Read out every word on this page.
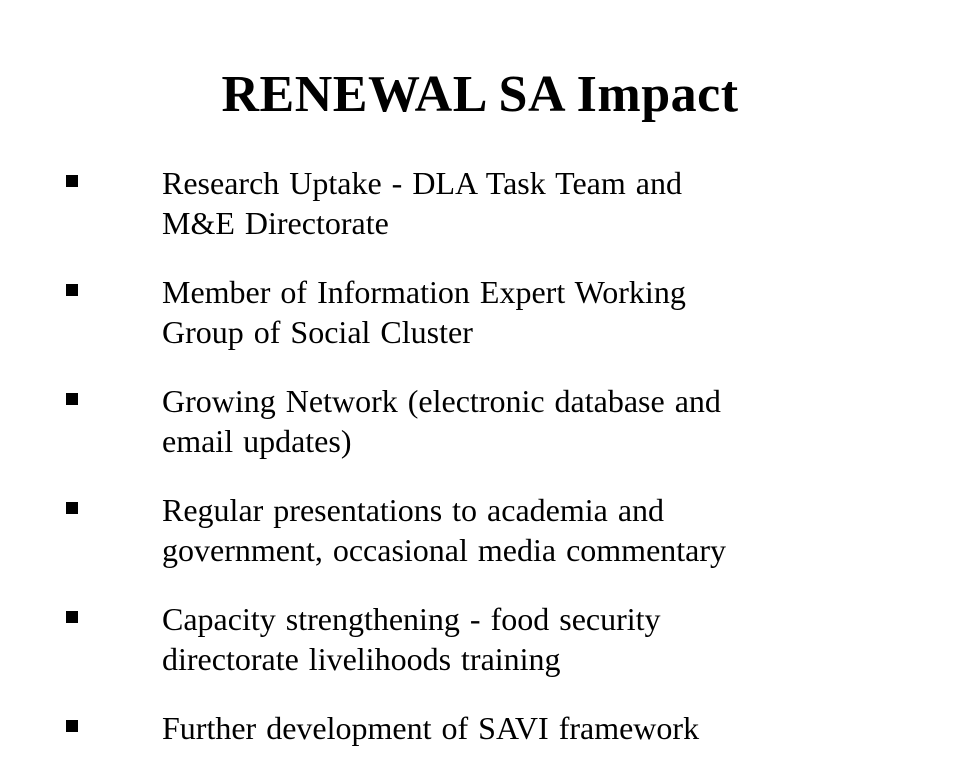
RENEWAL SA Impact
Research Uptake - DLA Task Team and
M&E Directorate
Member of Information Expert Working
Group of Social Cluster
Growing Network (electronic database and
email updates)
Regular presentations to academia and
government, occasional media commentary
Capacity strengthening - food security
directorate livelihoods training
Further development of SAVI framework
